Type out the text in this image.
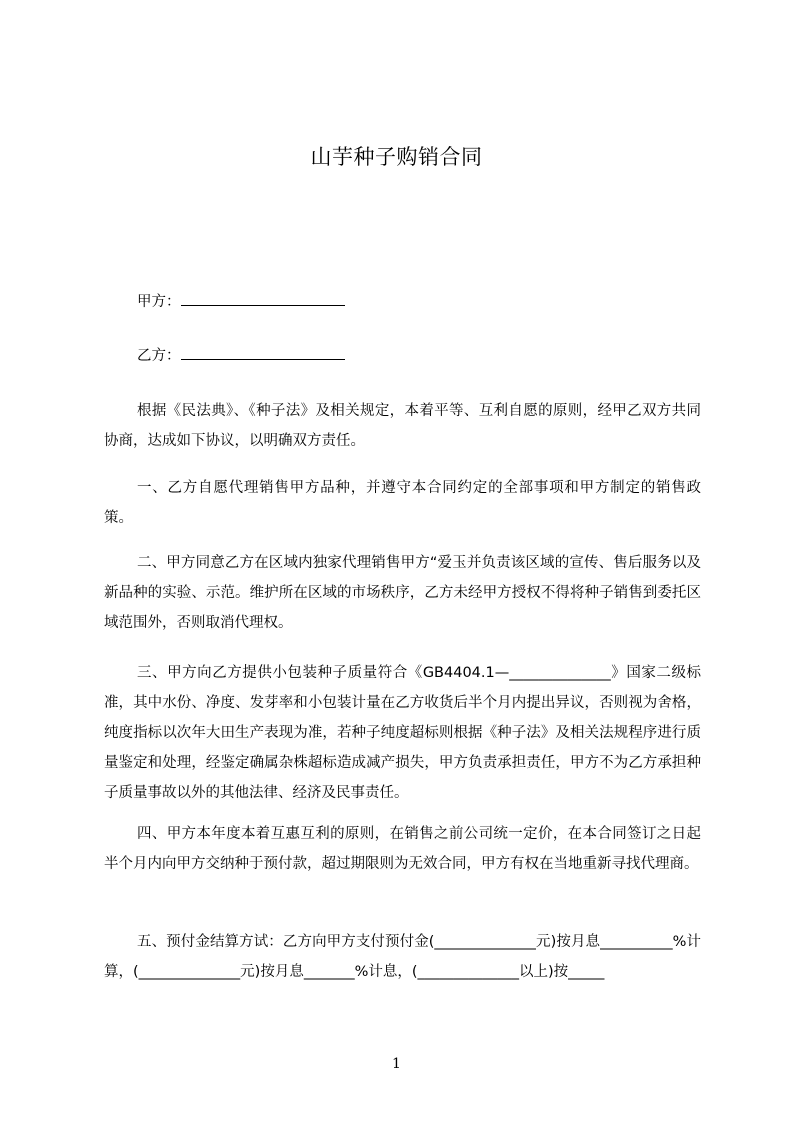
山芋种子购销合同
甲方：
乙方：

根据《民法典》、《种子法》及相关规定，本着平等、互利自愿的原则，经甲乙双方共同协商，达成如下协议，以明确双方责任。

一、乙方自愿代理销售甲方品种，并遵守本合同约定的全部事项和甲方制定的销售政策。

二、甲方同意乙方在区域内独家代理销售甲方“爱玉并负责该区域的宣传、售后服务以及新品种的实验、示范。维护所在区域的市场秩序，乙方未经甲方授权不得将种子销售到委托区域范围外，否则取消代理权。

三、甲方向乙方提供小包装种子质量符合《GB4404.1—______________》国家二级标准，其中水份、净度、发芽率和小包装计量在乙方收货后半个月内提出异议，否则视为舍格，纯度指标以次年大田生产表现为准，若种子纯度超标则根据《种子法》及相关法规程序进行质量鉴定和处理，经鉴定确属杂株超标造成减产损失，甲方负责承担责任，甲方不为乙方承担种子质量事故以外的其他法律、经济及民事责任。

四、甲方本年度本着互惠互利的原则，在销售之前公司统一定价，在本合同签订之日起半个月内向甲方交纳种于预付款，超过期限则为无效合同，甲方有权在当地重新寻找代理商。

五、预付金结算方试：乙方向甲方支付预付金(______________元)按月息__________%计算，(______________元)按月息_______%计息，(______________以上)按_____

1
